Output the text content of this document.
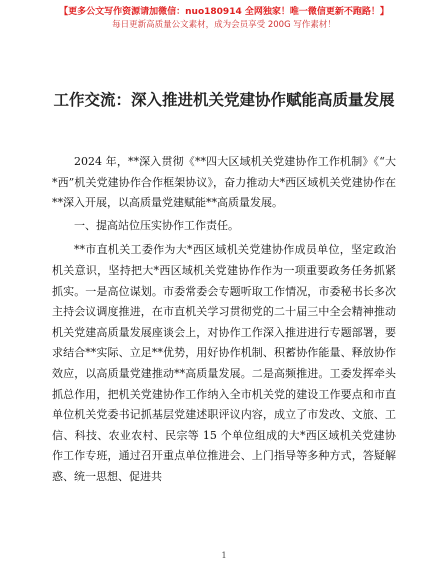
【更多公文写作资源请加微信：nuo180914 全网独家！唯一微信更新不跑路！】
每日更新高质量公文素材，成为会员享受 200G 写作素材！
工作交流：深入推进机关党建协作赋能高质量发展

2024 年，**深入贯彻《**四大区域机关党建协作工作机制》《“大*西”机关党建协作合作框架协议》，奋力推动大*西区域机关党建协作在**深入开展，以高质量党建赋能**高质量发展。

一、提高站位压实协作工作责任。

**市直机关工委作为大*西区域机关党建协作成员单位，坚定政治机关意识，坚持把大*西区域机关党建协作作为一项重要政务任务抓紧抓实。一是高位谋划。市委常委会专题听取工作情况，市委秘书长多次主持会议调度推进，在市直机关学习贯彻党的二十届三中全会精神推动机关党建高质量发展座谈会上，对协作工作深入推进进行专题部署，要求结合**实际、立足**优势，用好协作机制、积蓄协作能量、释放协作效应，以高质量党建推动**高质量发展。二是高频推进。工委发挥牵头抓总作用，把机关党建协作工作纳入全市机关党的建设工作要点和市直单位机关党委书记抓基层党建述职评议内容，成立了市发改、文旅、工信、科技、农业农村、民宗等 15 个单位组成的大*西区域机关党建协作工作专班，通过召开重点单位推进会、上门指导等多种方式，答疑解惑、统一思想、促进共

1
